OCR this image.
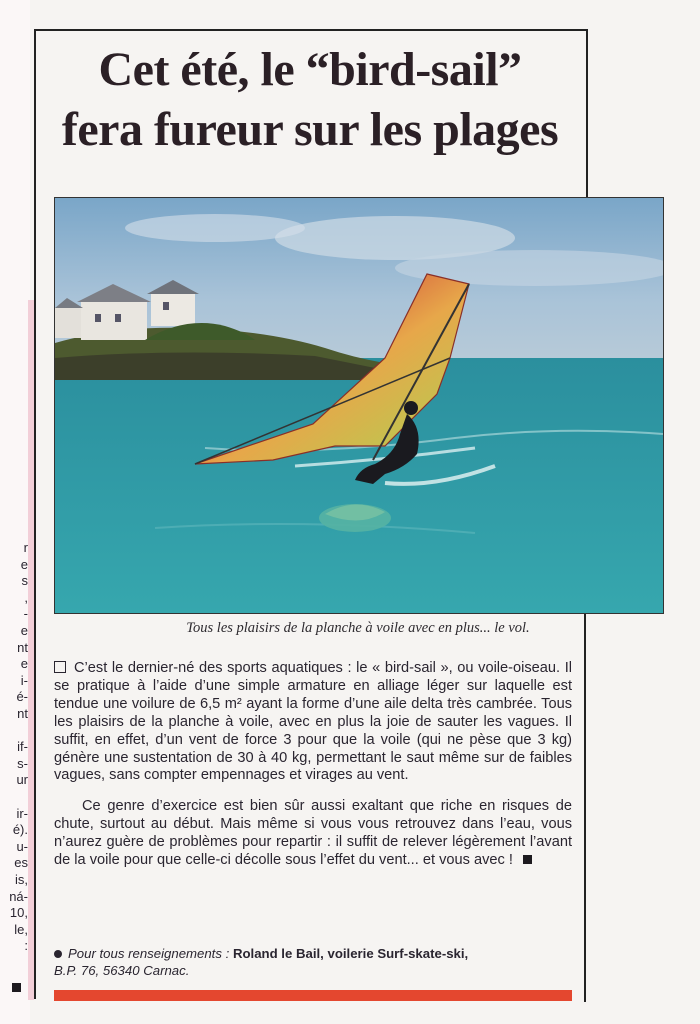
r
e
s
,
-
e
nt
e
i-
é-
nt
if-
s-
ur
ir-
é).
u-
es
is,
ná-
10,
le,
:
Cet été, le “bird-sail”
fera fureur sur les plages
Tous les plaisirs de la planche à voile avec en plus... le vol.

C’est le dernier-né des sports aquatiques : le « bird-sail », ou voile-oiseau. Il se pratique à l’aide d’une simple armature en alliage léger sur laquelle est tendue une voilure de 6,5 m² ayant la forme d’une aile delta très cambrée. Tous les plaisirs de la planche à voile, avec en plus la joie de sauter les vagues. Il suffit, en effet, d’un vent de force 3 pour que la voile (qui ne pèse que 3 kg) génère une sustentation de 30 à 40 kg, permettant le saut même sur de faibles vagues, sans compter empennages et virages au vent.

Ce genre d’exercice est bien sûr aussi exaltant que riche en risques de chute, surtout au début. Mais même si vous vous retrouvez dans l’eau, vous n’aurez guère de problèmes pour repartir : il suffit de relever légèrement l’avant de la voile pour que celle-ci décolle sous l’effet du vent... et vous avec !

Pour tous renseignements : Roland le Bail, voilerie Surf-skate-ski,
B.P. 76, 56340 Carnac.
